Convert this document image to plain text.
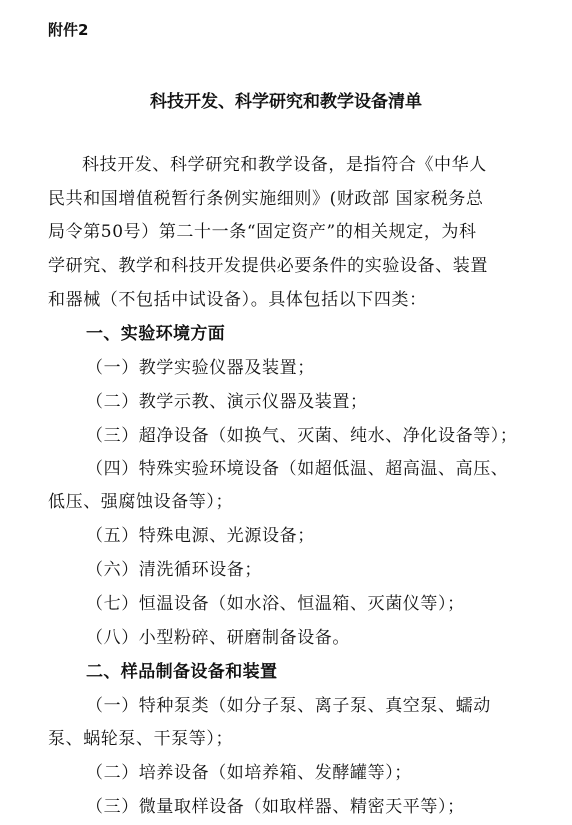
附件2
科技开发、科学研究和教学设备清单
科技开发、科学研究和教学设备，是指符合《中华人
民共和国增值税暂行条例实施细则》(财政部 国家税务总
局令第50号）第二十一条“固定资产”的相关规定，为科
学研究、教学和科技开发提供必要条件的实验设备、装置
和器械（不包括中试设备）。具体包括以下四类：
一、实验环境方面
（一）教学实验仪器及装置；
（二）教学示教、演示仪器及装置；
（三）超净设备（如换气、灭菌、纯水、净化设备等）；
（四）特殊实验环境设备（如超低温、超高温、高压、
低压、强腐蚀设备等）；
（五）特殊电源、光源设备；
（六）清洗循环设备；
（七）恒温设备（如水浴、恒温箱、灭菌仪等）；
（八）小型粉碎、研磨制备设备。
二、样品制备设备和装置
（一）特种泵类（如分子泵、离子泵、真空泵、蠕动
泵、蜗轮泵、干泵等）；
（二）培养设备（如培养箱、发酵罐等）；
（三）微量取样设备（如取样器、精密天平等）；
